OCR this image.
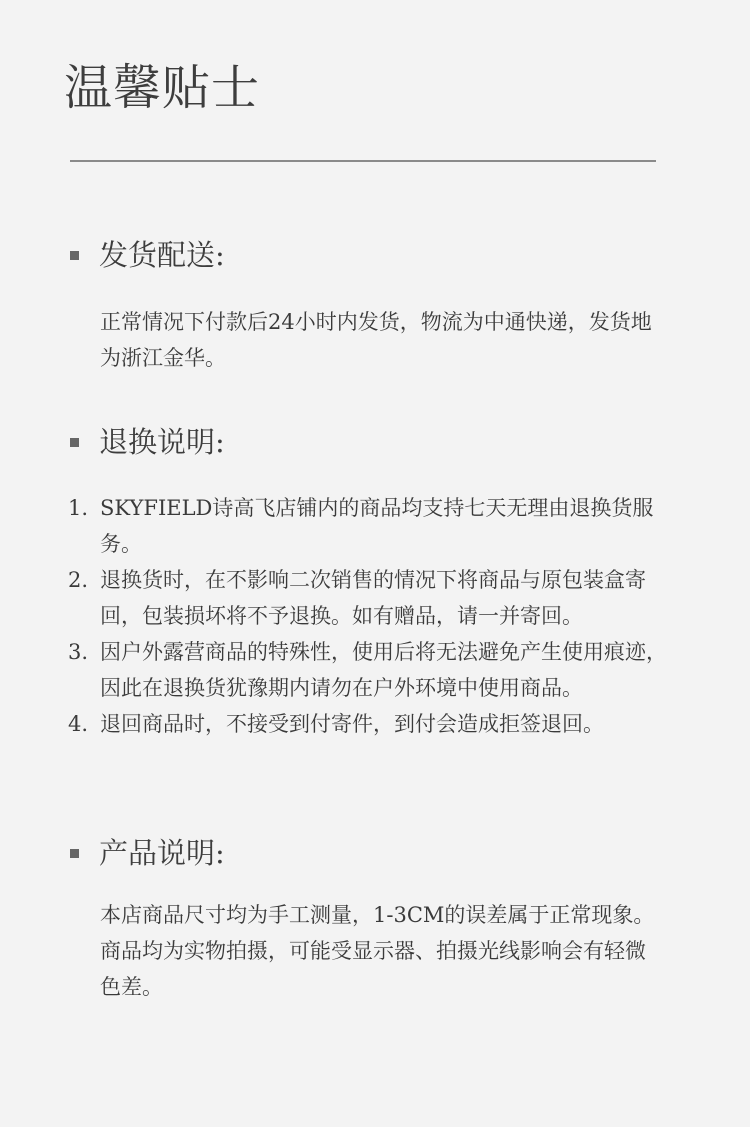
温馨贴士
发货配送:
正常情况下付款后24小时内发货，物流为中通快递，发货地为浙江金华。
退换说明:
1. SKYFIELD诗高飞店铺内的商品均支持七天无理由退换货服务。
2. 退换货时，在不影响二次销售的情况下将商品与原包装盒寄回，包装损坏将不予退换。如有赠品，请一并寄回。
3. 因户外露营商品的特殊性，使用后将无法避免产生使用痕迹，因此在退换货犹豫期内请勿在户外环境中使用商品。
4. 退回商品时，不接受到付寄件，到付会造成拒签退回。
产品说明:
本店商品尺寸均为手工测量，1-3CM的误差属于正常现象。商品均为实物拍摄，可能受显示器、拍摄光线影响会有轻微色差。
